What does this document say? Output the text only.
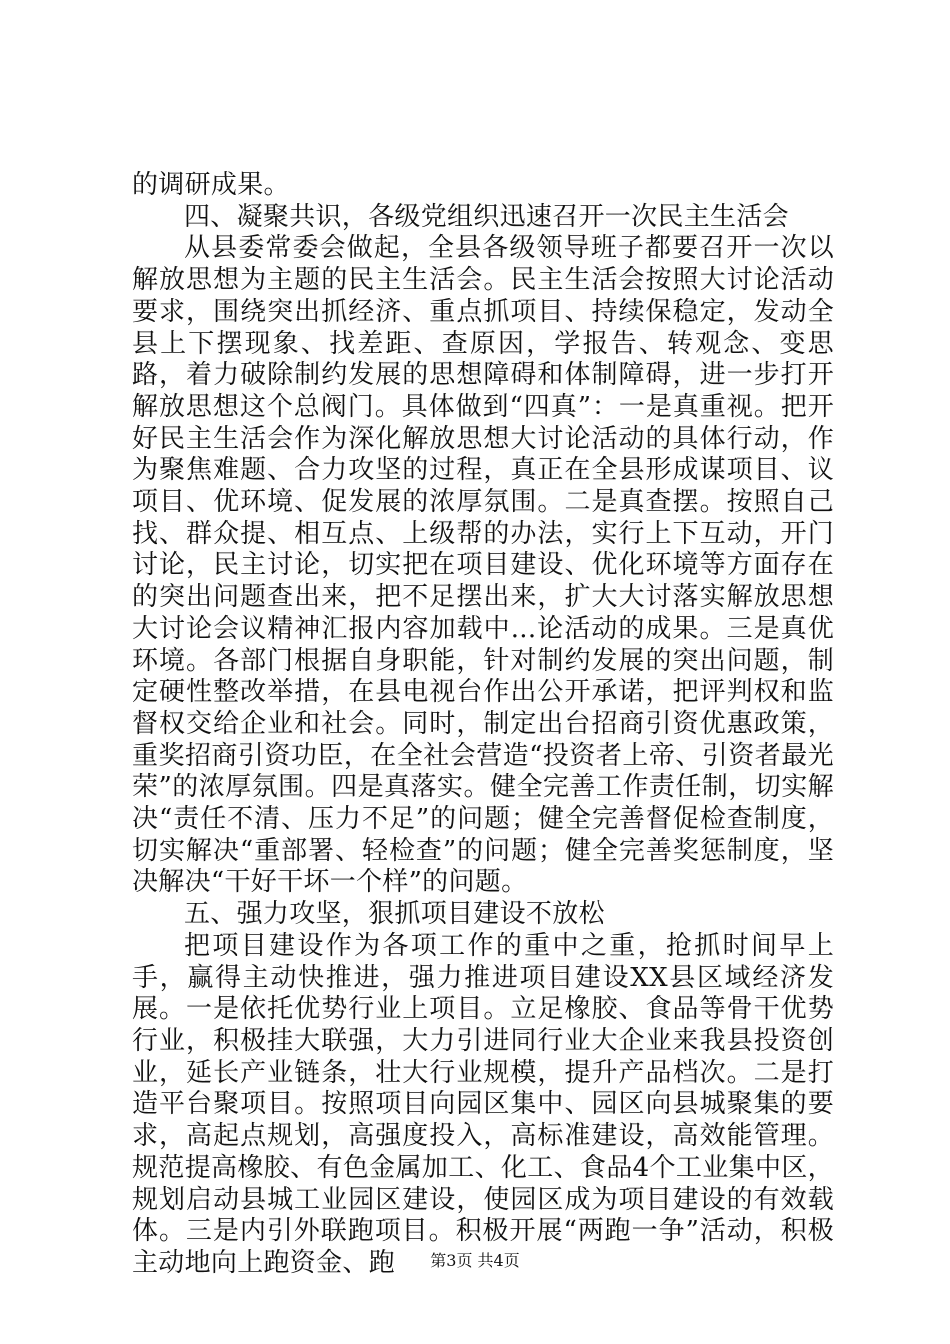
的调研成果。

四、凝聚共识，各级党组织迅速召开一次民主生活会

从县委常委会做起，全县各级领导班子都要召开一次以解放思想为主题的民主生活会。民主生活会按照大讨论活动要求，围绕突出抓经济、重点抓项目、持续保稳定，发动全县上下摆现象、找差距、查原因，学报告、转观念、变思路，着力破除制约发展的思想障碍和体制障碍，进一步打开解放思想这个总阀门。具体做到“四真”：一是真重视。把开好民主生活会作为深化解放思想大讨论活动的具体行动，作为聚焦难题、合力攻坚的过程，真正在全县形成谋项目、议项目、优环境、促发展的浓厚氛围。二是真查摆。按照自己找、群众提、相互点、上级帮的办法，实行上下互动，开门讨论，民主讨论，切实把在项目建设、优化环境等方面存在的突出问题查出来，把不足摆出来，扩大大讨落实解放思想大讨论会议精神汇报内容加载中...论活动的成果。三是真优环境。各部门根据自身职能，针对制约发展的突出问题，制定硬性整改举措，在县电视台作出公开承诺，把评判权和监督权交给企业和社会。同时，制定出台招商引资优惠政策，重奖招商引资功臣，在全社会营造“投资者上帝、引资者最光荣”的浓厚氛围。四是真落实。健全完善工作责任制，切实解决“责任不清、压力不足”的问题；健全完善督促检查制度，切实解决“重部署、轻检查”的问题；健全完善奖惩制度，坚决解决“干好干坏一个样”的问题。

五、强力攻坚，狠抓项目建设不放松

把项目建设作为各项工作的重中之重，抢抓时间早上手，赢得主动快推进，强力推进项目建设XX县区域经济发展。一是依托优势行业上项目。立足橡胶、食品等骨干优势行业，积极挂大联强，大力引进同行业大企业来我县投资创业，延长产业链条，壮大行业规模，提升产品档次。二是打造平台聚项目。按照项目向园区集中、园区向县城聚集的要求，高起点规划，高强度投入，高标准建设，高效能管理。规范提高橡胶、有色金属加工、化工、食品4个工业集中区，规划启动县城工业园区建设，使园区成为项目建设的有效载体。三是内引外联跑项目。积极开展“两跑一争”活动，积极主动地向上跑资金、跑	第3页 共4页
